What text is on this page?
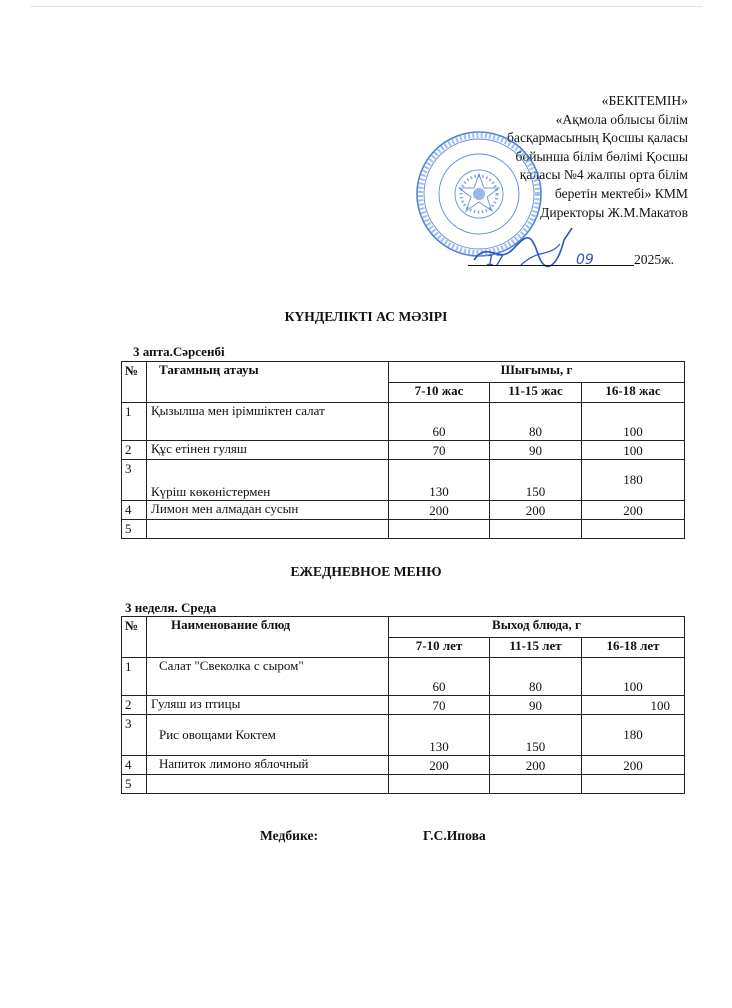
«БЕКІТЕМІН»
«Ақмола облысы білім
басқармасының Қосшы қаласы
бойынша білім бөлімі Қосшы
қаласы №4 жалпы орта білім
беретін мектебі» КММ
Директоры Ж.М.Макатов
17	09	2025ж.
КҮНДЕЛІКТІ АС МӘЗІРІ
3 апта.Сәрсенбі
№	Тағамның атауы	Шығымы, г		
		7-10 жас	11-15 жас	16-18 жас
1	Қызылша мен ірімшіктен салат	60	80	100
2	Құс етінен гуляш	70	90	100
3	Күріш көкөністермен	130	150	180
4	Лимон мен алмадан сусын	200	200	200
5				
ЕЖЕДНЕВНОЕ МЕНЮ
3 неделя. Среда
№	Наименование блюд	Выход блюда, г		
		7-10 лет	11-15 лет	16-18 лет
1	Салат "Свеколка с сыром"	60	80	100
2	Гуляш из птицы	70	90	100
3	Рис овощами Коктем	130	150	180
4	Напиток лимоно яблочный	200	200	200
5				
Медбике:	Г.С.Ипова
